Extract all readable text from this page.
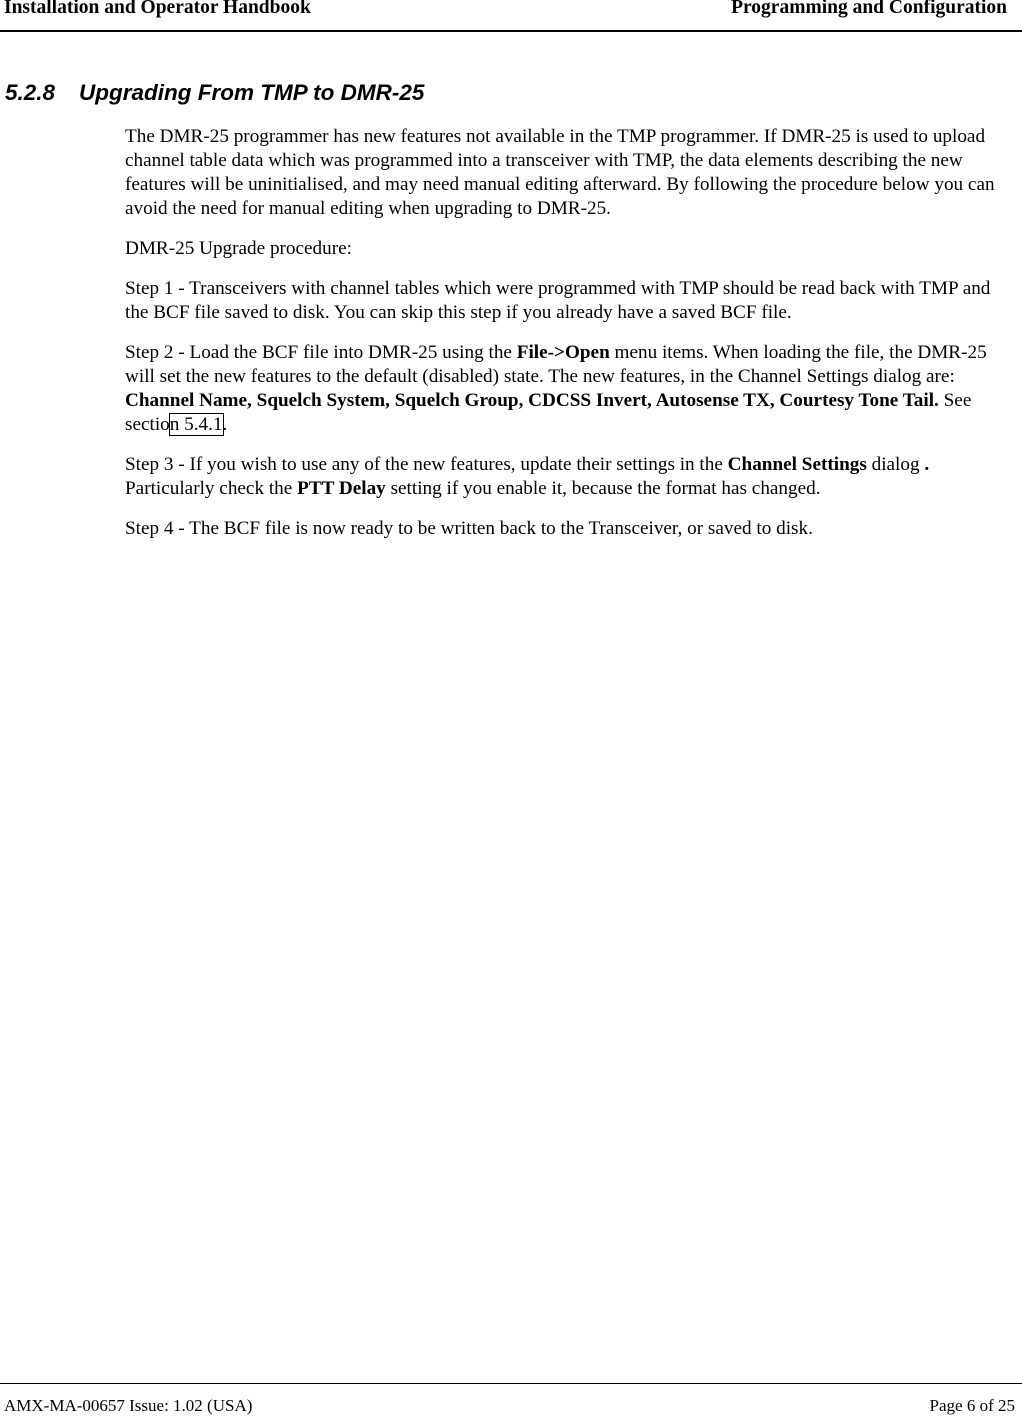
Installation and Operator Handbook	Programming and Configuration
5.2.8 Upgrading From TMP to DMR-25

The DMR-25 programmer has new features not available in the TMP programmer. If DMR-25 is used to upload channel table data which was programmed into a transceiver with TMP, the data elements describing the new features will be uninitialised, and may need manual editing afterward. By following the procedure below you can avoid the need for manual editing when upgrading to DMR-25.

DMR-25 Upgrade procedure:

Step 1 - Transceivers with channel tables which were programmed with TMP should be read back with TMP and the BCF file saved to disk. You can skip this step if you already have a saved BCF file.

Step 2 - Load the BCF file into DMR-25 using the File->Open menu items. When loading the file, the DMR-25 will set the new features to the default (disabled) state. The new features, in the Channel Settings dialog are: Channel Name, Squelch System, Squelch Group, CDCSS Invert, Autosense TX, Courtesy Tone Tail. See section 5.4.1.

Step 3 - If you wish to use any of the new features, update their settings in the Channel Settings dialog . Particularly check the PTT Delay setting if you enable it, because the format has changed.

Step 4 - The BCF file is now ready to be written back to the Transceiver, or saved to disk.

AMX-MA-00657 Issue: 1.02 (USA)	Page 6 of 25
